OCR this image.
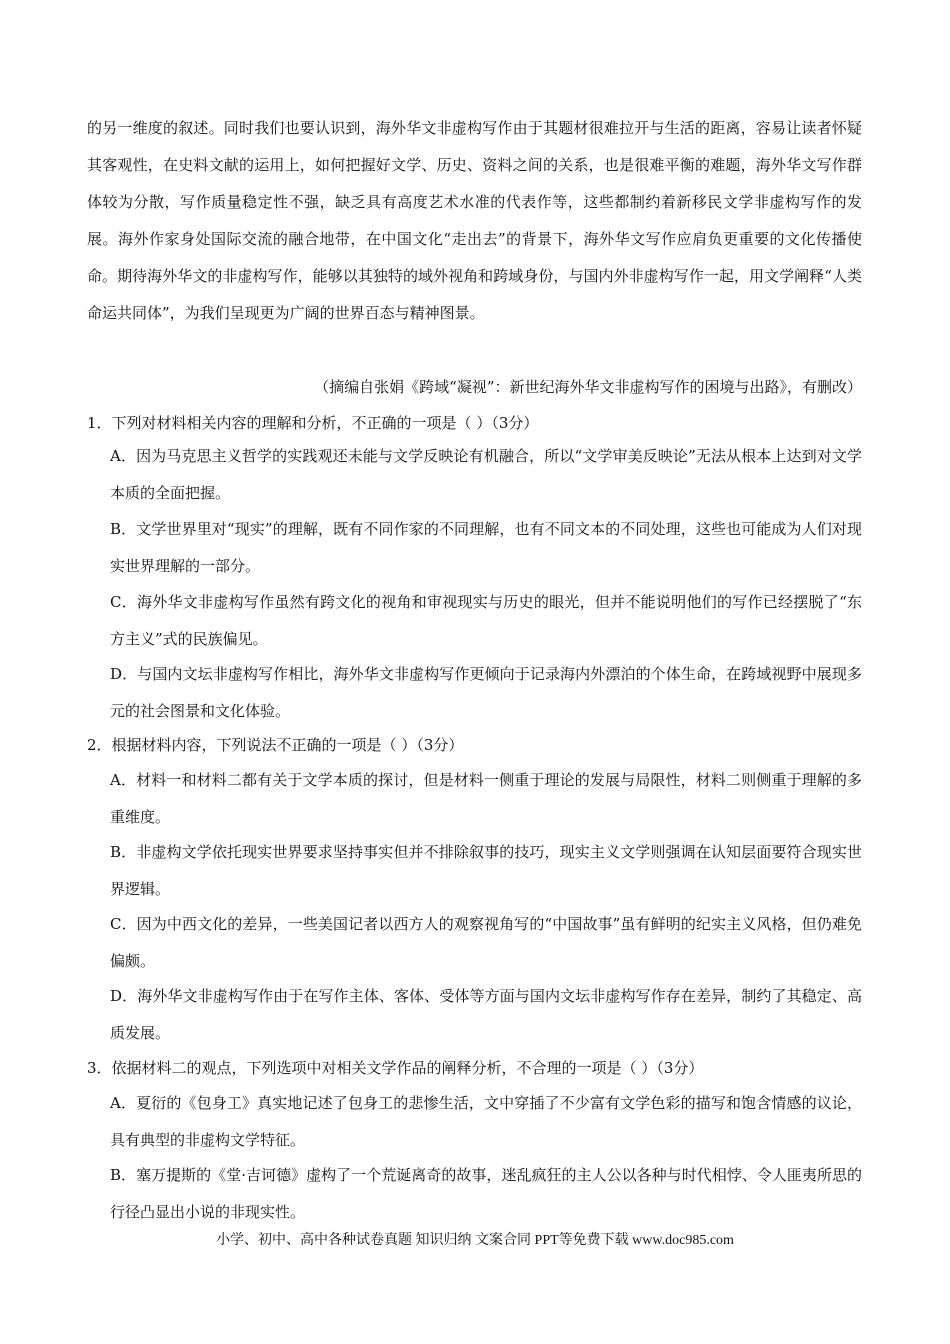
的另一维度的叙述。同时我们也要认识到，海外华文非虚构写作由于其题材很难拉开与生活的距离，容易让读者怀疑其客观性，在史料文献的运用上，如何把握好文学、历史、资料之间的关系，也是很难平衡的难题，海外华文写作群体较为分散，写作质量稳定性不强，缺乏具有高度艺术水准的代表作等，这些都制约着新移民文学非虚构写作的发展。海外作家身处国际交流的融合地带，在中国文化“走出去”的背景下，海外华文写作应肩负更重要的文化传播使命。期待海外华文的非虚构写作，能够以其独特的域外视角和跨域身份，与国内外非虚构写作一起，用文学阐释“人类命运共同体”，为我们呈现更为广阔的世界百态与精神图景。

（摘编自张娟《跨域“凝视”：新世纪海外华文非虚构写作的困境与出路》，有删改）

1．下列对材料相关内容的理解和分析，不正确的一项是（ ）（3分）

A．因为马克思主义哲学的实践观还未能与文学反映论有机融合，所以“文学审美反映论”无法从根本上达到对文学本质的全面把握。

B．文学世界里对“现实”的理解，既有不同作家的不同理解，也有不同文本的不同处理，这些也可能成为人们对现实世界理解的一部分。

C．海外华文非虚构写作虽然有跨文化的视角和审视现实与历史的眼光，但并不能说明他们的写作已经摆脱了“东方主义”式的民族偏见。

D．与国内文坛非虚构写作相比，海外华文非虚构写作更倾向于记录海内外漂泊的个体生命，在跨域视野中展现多元的社会图景和文化体验。

2．根据材料内容，下列说法不正确的一项是（ ）（3分）

A．材料一和材料二都有关于文学本质的探讨，但是材料一侧重于理论的发展与局限性，材料二则侧重于理解的多重维度。

B．非虚构文学依托现实世界要求坚持事实但并不排除叙事的技巧，现实主义文学则强调在认知层面要符合现实世界逻辑。

C．因为中西文化的差异，一些美国记者以西方人的观察视角写的“中国故事”虽有鲜明的纪实主义风格，但仍难免偏颇。

D．海外华文非虚构写作由于在写作主体、客体、受体等方面与国内文坛非虚构写作存在差异，制约了其稳定、高质发展。

3．依据材料二的观点，下列选项中对相关文学作品的阐释分析，不合理的一项是（ ）（3分）

A．夏衍的《包身工》真实地记述了包身工的悲惨生活，文中穿插了不少富有文学色彩的描写和饱含情感的议论，具有典型的非虚构文学特征。

B．塞万提斯的《堂·吉诃德》虚构了一个荒诞离奇的故事，迷乱疯狂的主人公以各种与时代相悖、令人匪夷所思的行径凸显出小说的非现实性。

小学、初中、高中各种试卷真题 知识归纳 文案合同 PPT等免费下载 www.doc985.com
